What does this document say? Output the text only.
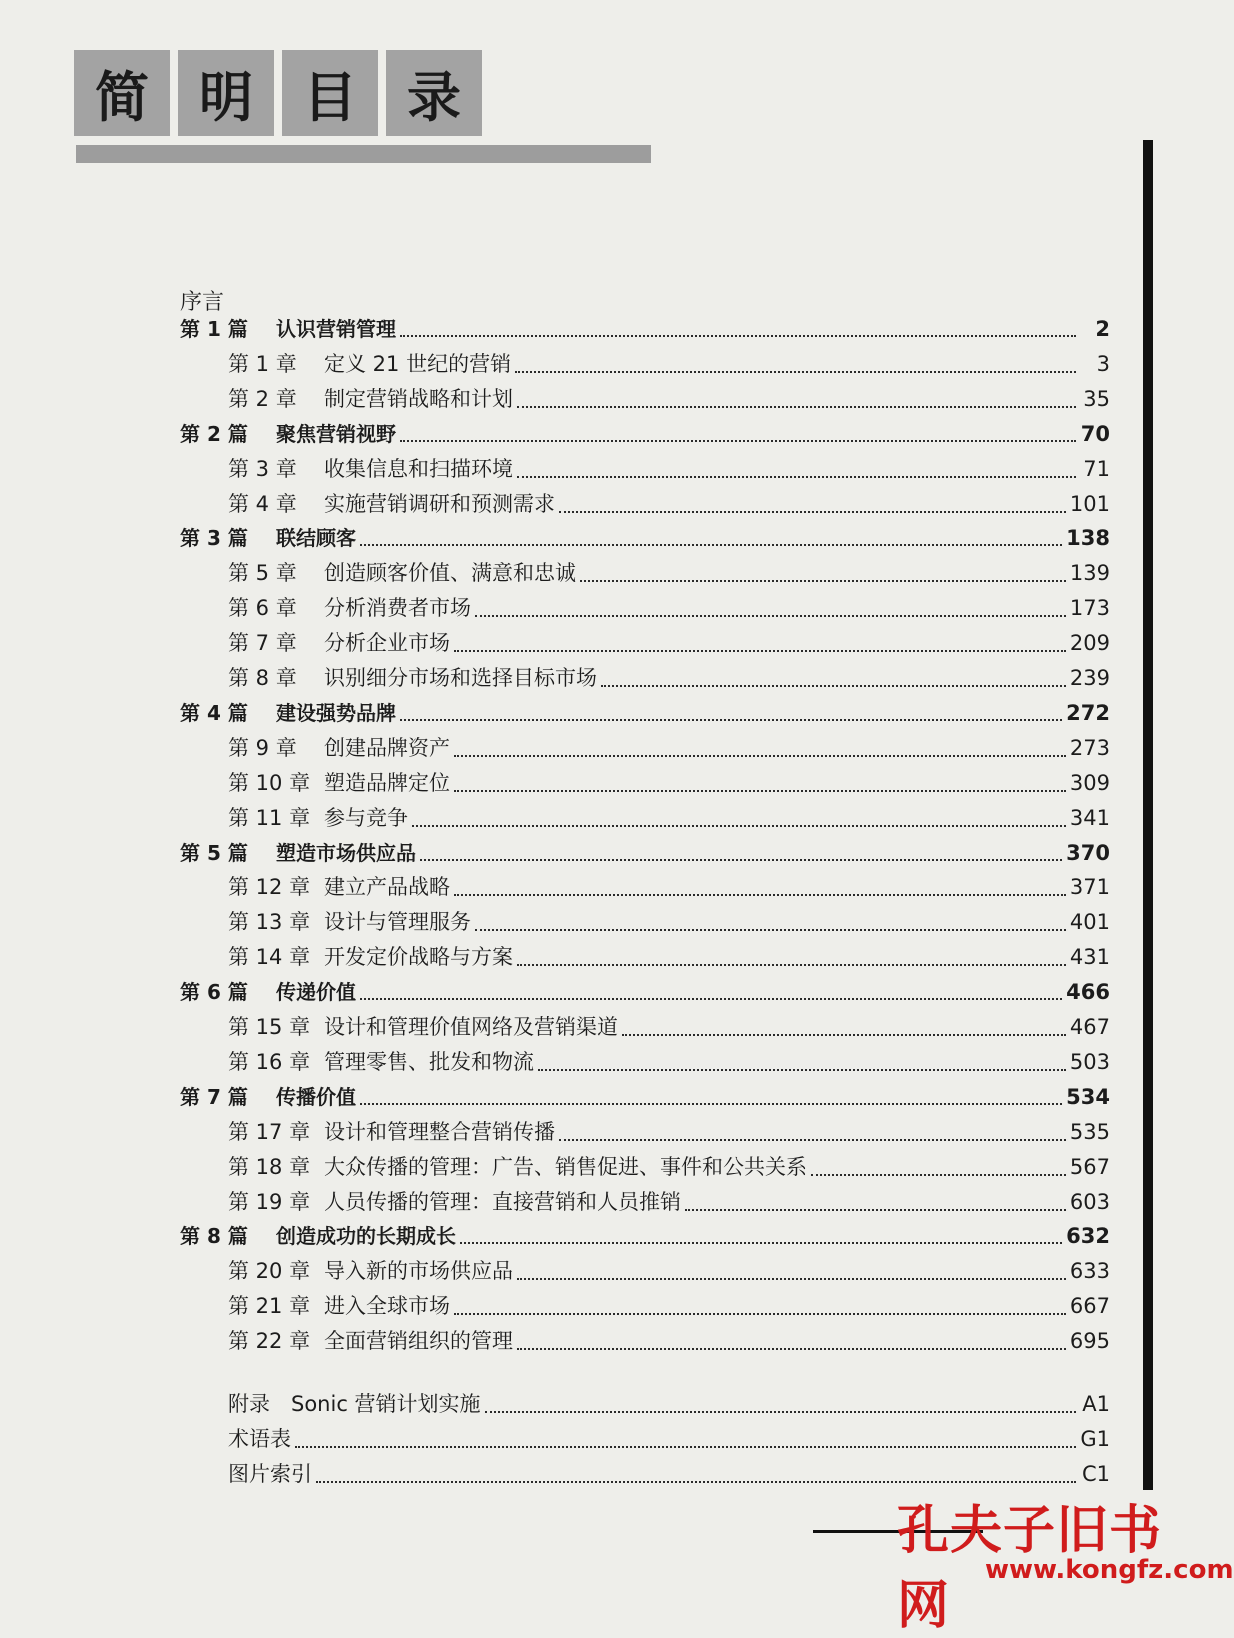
简 明 目 录
序言
第 1 篇	认识营销管理	2
第 1 章	定义 21 世纪的营销	3
第 2 章	制定营销战略和计划	35
第 2 篇	聚焦营销视野	70
第 3 章	收集信息和扫描环境	71
第 4 章	实施营销调研和预测需求	101
第 3 篇	联结顾客	138
第 5 章	创造顾客价值、满意和忠诚	139
第 6 章	分析消费者市场	173
第 7 章	分析企业市场	209
第 8 章	识别细分市场和选择目标市场	239
第 4 篇	建设强势品牌	272
第 9 章	创建品牌资产	273
第 10 章 塑造品牌定位	309
第 11 章 参与竞争	341
第 5 篇	塑造市场供应品	370
第 12 章 建立产品战略	371
第 13 章 设计与管理服务	401
第 14 章 开发定价战略与方案	431
第 6 篇	传递价值	466
第 15 章 设计和管理价值网络及营销渠道	467
第 16 章 管理零售、批发和物流	503
第 7 篇	传播价值	534
第 17 章 设计和管理整合营销传播	535
第 18 章 大众传播的管理：广告、销售促进、事件和公共关系	567
第 19 章 人员传播的管理：直接营销和人员推销	603
第 8 篇	创造成功的长期成长	632
第 20 章 导入新的市场供应品	633
第 21 章 进入全球市场	667
第 22 章 全面营销组织的管理	695
附录　Sonic 营销计划实施	A1
术语表	G1
图片索引	C1
孔夫子旧书网
www.kongfz.com
